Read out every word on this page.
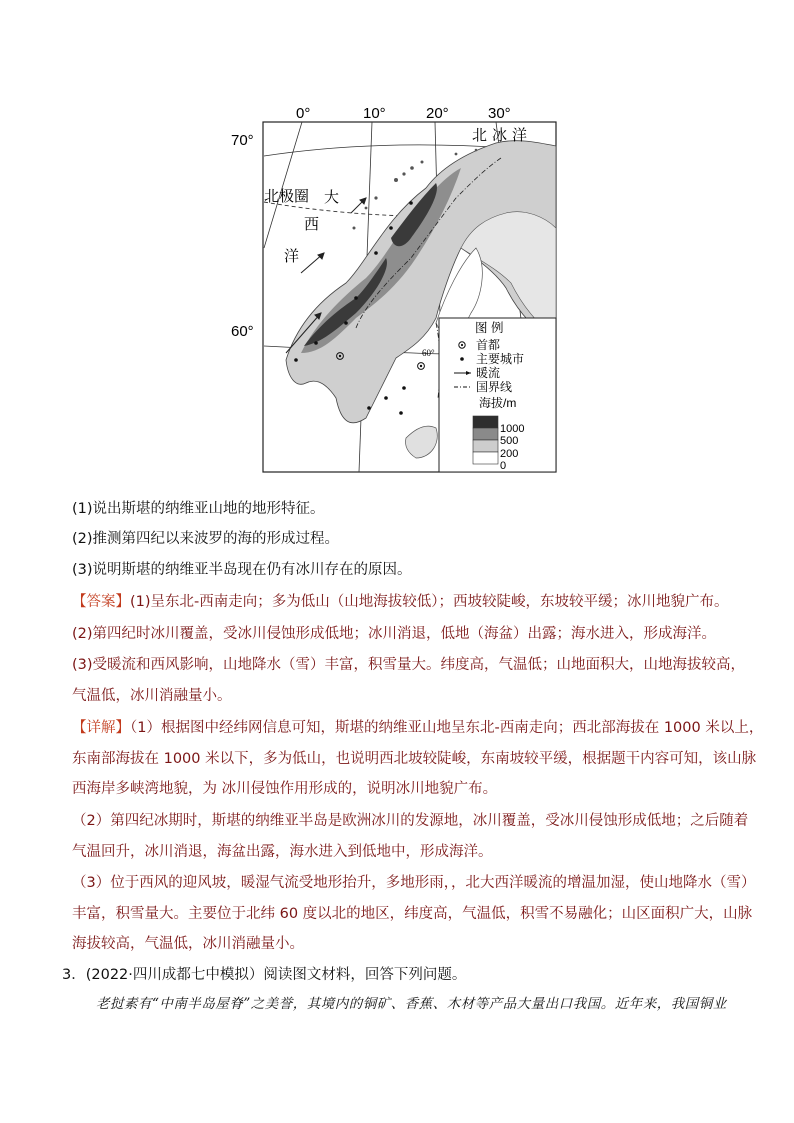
0°	10°	20°	30°
70°
60°
北冰洋
北极圈 大
西
洋
60°
图 例
首都
主要城市
暖流
国界线
海拔/m
1000
500
200
0
(1)说出斯堪的纳维亚山地的地形特征。
(2)推测第四纪以来波罗的海的形成过程。
(3)说明斯堪的纳维亚半岛现在仍有冰川存在的原因。
【答案】(1)呈东北-西南走向；多为低山（山地海拔较低）；西坡较陡峻，东坡较平缓；冰川地貌广布。
(2)第四纪时冰川覆盖，受冰川侵蚀形成低地；冰川消退，低地（海盆）出露；海水进入，形成海洋。
(3)受暖流和西风影响，山地降水（雪）丰富，积雪量大。纬度高，气温低；山地面积大，山地海拔较高，
气温低，冰川消融量小。
【详解】（1）根据图中经纬网信息可知，斯堪的纳维亚山地呈东北-西南走向；西北部海拔在 1000 米以上，
东南部海拔在 1000 米以下，多为低山，也说明西北坡较陡峻，东南坡较平缓，根据题干内容可知，该山脉
西海岸多峡湾地貌，为 冰川侵蚀作用形成的，说明冰川地貌广布。
（2）第四纪冰期时，斯堪的纳维亚半岛是欧洲冰川的发源地，冰川覆盖，受冰川侵蚀形成低地；之后随着
气温回升，冰川消退，海盆出露，海水进入到低地中，形成海洋。
（3）位于西风的迎风坡，暖湿气流受地形抬升，多地形雨，，北大西洋暖流的增温加湿，使山地降水（雪）
丰富，积雪量大。主要位于北纬 60 度以北的地区，纬度高，气温低，积雪不易融化；山区面积广大，山脉
海拔较高，气温低，冰川消融量小。
3．(2022·四川成都七中模拟）阅读图文材料，回答下列问题。
老挝素有“中南半岛屋脊”之美誉，其境内的铜矿、香蕉、木材等产品大量出口我国。近年来，我国铜业
